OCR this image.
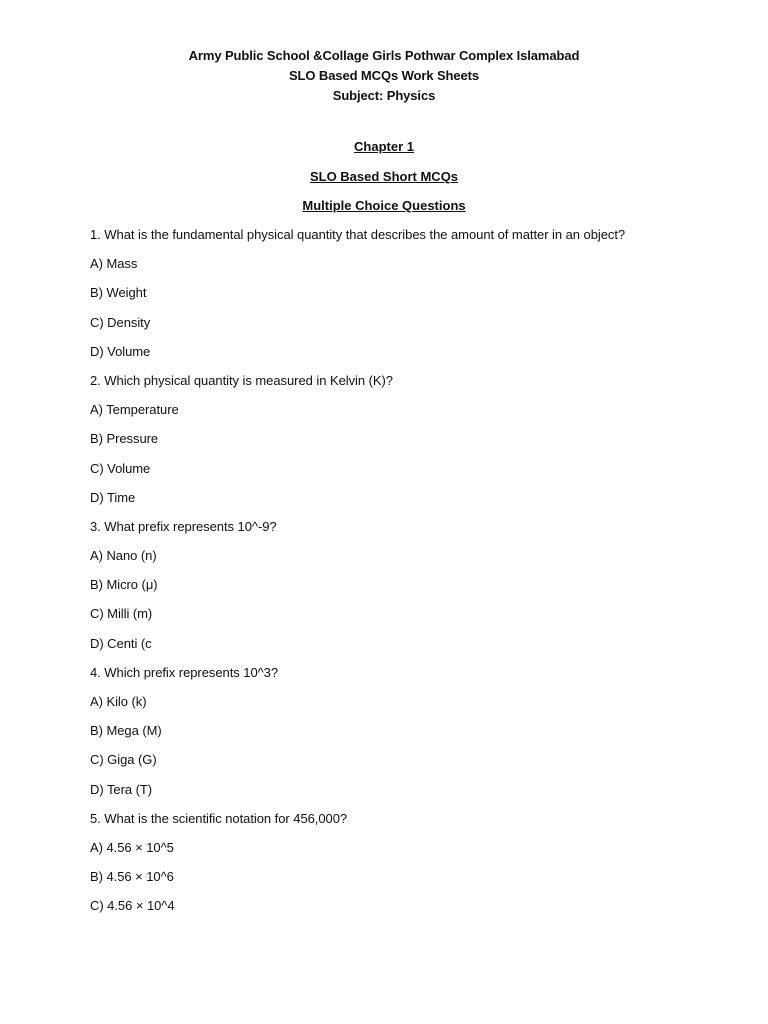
Army Public School &Collage Girls Pothwar Complex Islamabad
SLO Based MCQs Work Sheets
Subject: Physics
Chapter 1
SLO Based Short MCQs
Multiple Choice Questions
1. What is the fundamental physical quantity that describes the amount of matter in an object?
A) Mass
B) Weight
C) Density
D) Volume
2. Which physical quantity is measured in Kelvin (K)?
A) Temperature
B) Pressure
C) Volume
D) Time
3. What prefix represents 10^-9?
A) Nano (n)
B) Micro (μ)
C) Milli (m)
D) Centi (c
4. Which prefix represents 10^3?
A) Kilo (k)
B) Mega (M)
C) Giga (G)
D) Tera (T)
5. What is the scientific notation for 456,000?
A) 4.56 × 10^5
B) 4.56 × 10^6
C) 4.56 × 10^4
